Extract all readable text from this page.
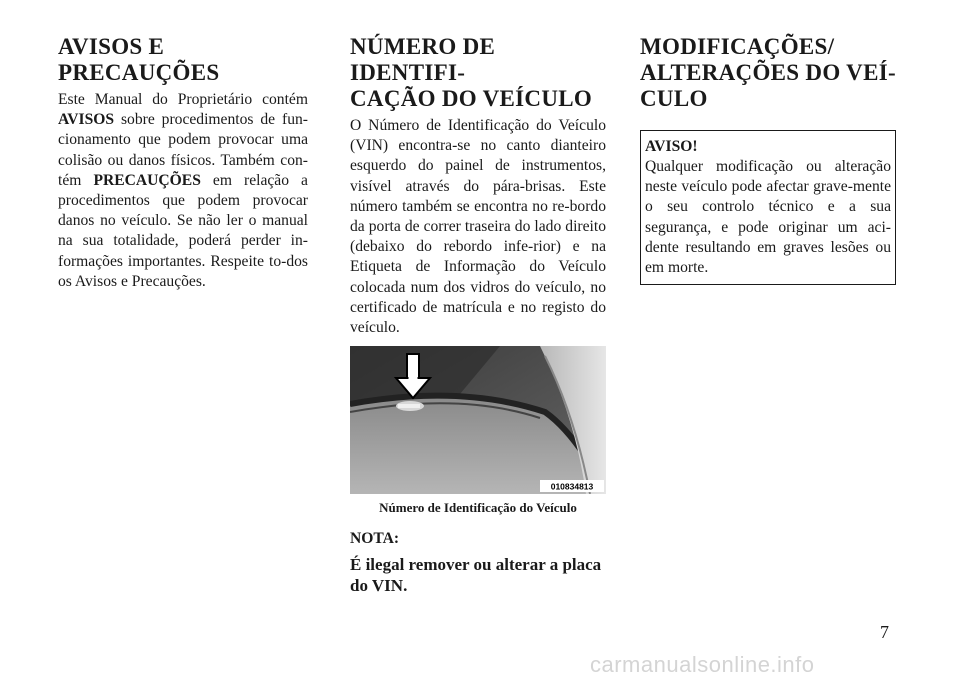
AVISOS E PRECAUÇÕES

Este Manual do Proprietário contém AVISOS sobre procedimentos de fun-cionamento que podem provocar uma colisão ou danos físicos. Também con-tém PRECAUÇÕES em relação a procedimentos que podem provocar danos no veículo. Se não ler o manual na sua totalidade, poderá perder in-formações importantes. Respeite to-dos os Avisos e Precauções.

NÚMERO DE IDENTIFI-
CAÇÃO DO VEÍCULO

O Número de Identificação do Veículo (VIN) encontra-se no canto dianteiro esquerdo do painel de instrumentos, visível através do pára-brisas. Este número também se encontra no re-bordo da porta de correr traseira do lado direito (debaixo do rebordo infe-rior) e na Etiqueta de Informação do Veículo colocada num dos vidros do veículo, no certificado de matrícula e no registo do veículo.

010834813
Número de Identificação do Veículo
NOTA:
É ilegal remover ou alterar a placa do VIN.
MODIFICAÇÕES/
ALTERAÇÕES DO VEÍ-
CULO
AVISO!

Qualquer modificação ou alteração neste veículo pode afectar grave-mente o seu controlo técnico e a sua segurança, e pode originar um aci-dente resultando em graves lesões ou em morte.

7
carmanualsonline.info
